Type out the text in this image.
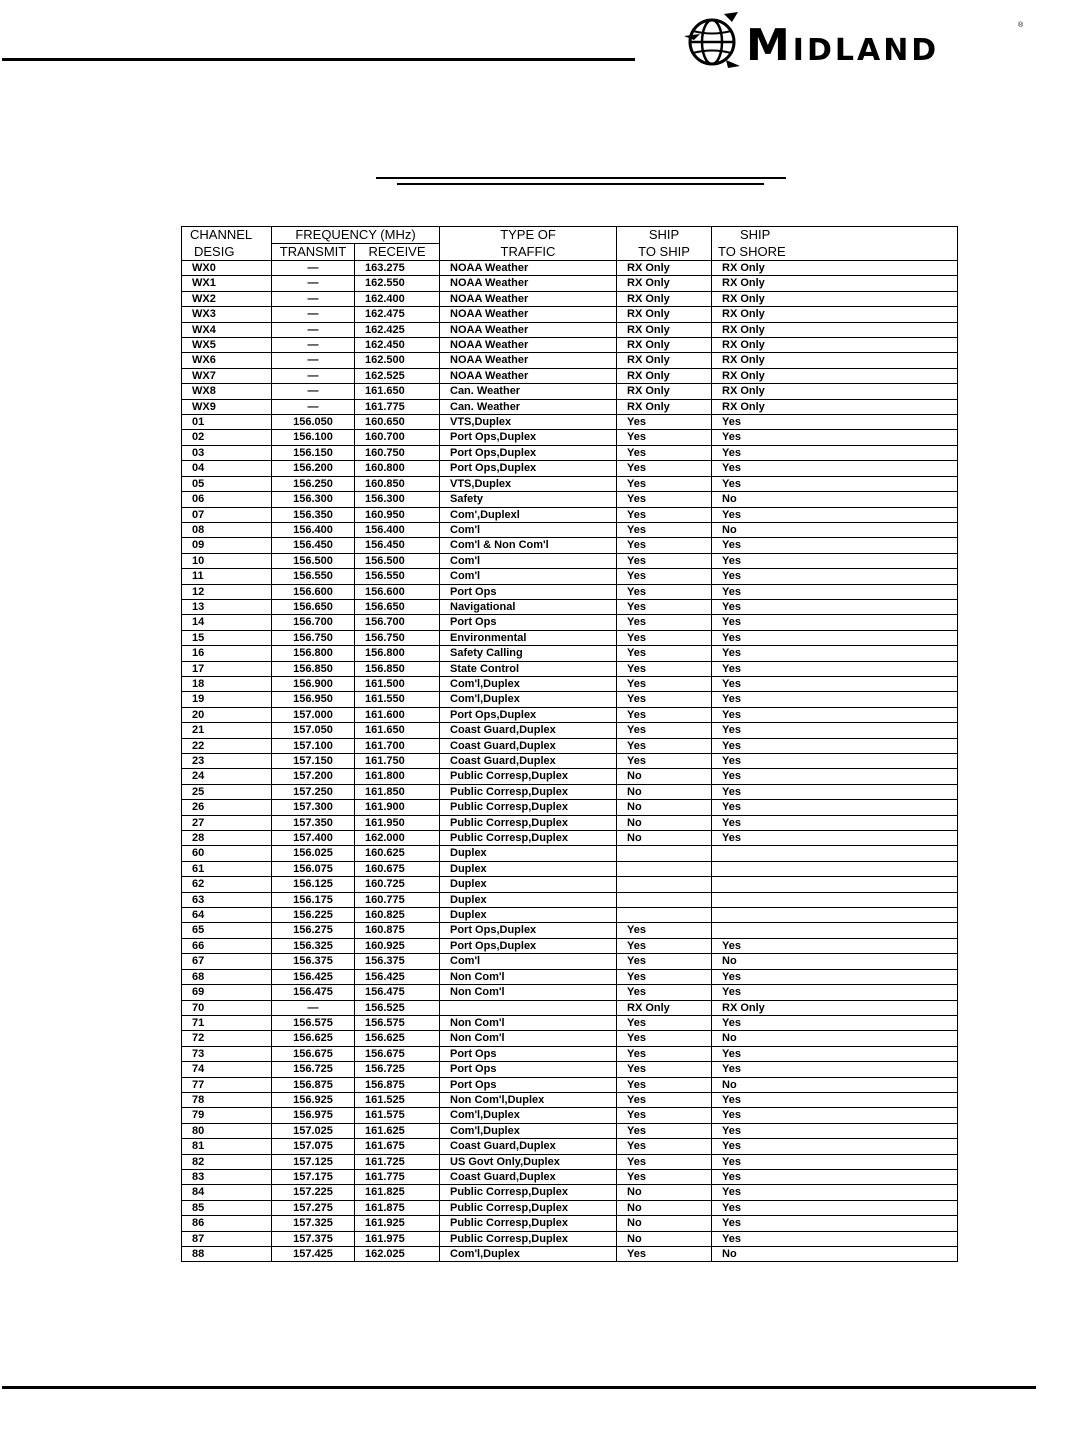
MIDLAND
®
CHANNEL	FREQUENCY (MHz)		TYPE OF	SHIP	SHIP
DESIG	TRANSMIT	RECEIVE	TRAFFIC	TO SHIP	TO SHORE
WX0	—	163.275	NOAA Weather	RX Only	RX Only
WX1	—	162.550	NOAA Weather	RX Only	RX Only
WX2	—	162.400	NOAA Weather	RX Only	RX Only
WX3	—	162.475	NOAA Weather	RX Only	RX Only
WX4	—	162.425	NOAA Weather	RX Only	RX Only
WX5	—	162.450	NOAA Weather	RX Only	RX Only
WX6	—	162.500	NOAA Weather	RX Only	RX Only
WX7	—	162.525	NOAA Weather	RX Only	RX Only
WX8	—	161.650	Can. Weather	RX Only	RX Only
WX9	—	161.775	Can. Weather	RX Only	RX Only
01	156.050	160.650	VTS,Duplex	Yes	Yes
02	156.100	160.700	Port Ops,Duplex	Yes	Yes
03	156.150	160.750	Port Ops,Duplex	Yes	Yes
04	156.200	160.800	Port Ops,Duplex	Yes	Yes
05	156.250	160.850	VTS,Duplex	Yes	Yes
06	156.300	156.300	Safety	Yes	No
07	156.350	160.950	Com',Duplexl	Yes	Yes
08	156.400	156.400	Com'l	Yes	No
09	156.450	156.450	Com'l & Non Com'l	Yes	Yes
10	156.500	156.500	Com'l	Yes	Yes
11	156.550	156.550	Com'l	Yes	Yes
12	156.600	156.600	Port Ops	Yes	Yes
13	156.650	156.650	Navigational	Yes	Yes
14	156.700	156.700	Port Ops	Yes	Yes
15	156.750	156.750	Environmental	Yes	Yes
16	156.800	156.800	Safety Calling	Yes	Yes
17	156.850	156.850	State Control	Yes	Yes
18	156.900	161.500	Com'l,Duplex	Yes	Yes
19	156.950	161.550	Com'l,Duplex	Yes	Yes
20	157.000	161.600	Port Ops,Duplex	Yes	Yes
21	157.050	161.650	Coast Guard,Duplex	Yes	Yes
22	157.100	161.700	Coast Guard,Duplex	Yes	Yes
23	157.150	161.750	Coast Guard,Duplex	Yes	Yes
24	157.200	161.800	Public Corresp,Duplex	No	Yes
25	157.250	161.850	Public Corresp,Duplex	No	Yes
26	157.300	161.900	Public Corresp,Duplex	No	Yes
27	157.350	161.950	Public Corresp,Duplex	No	Yes
28	157.400	162.000	Public Corresp,Duplex	No	Yes
60	156.025	160.625	Duplex		
61	156.075	160.675	Duplex		
62	156.125	160.725	Duplex		
63	156.175	160.775	Duplex		
64	156.225	160.825	Duplex		
65	156.275	160.875	Port Ops,Duplex	Yes	
66	156.325	160.925	Port Ops,Duplex	Yes	Yes
67	156.375	156.375	Com'l	Yes	No
68	156.425	156.425	Non Com'l	Yes	Yes
69	156.475	156.475	Non Com'l	Yes	Yes
70	—	156.525		RX Only	RX Only
71	156.575	156.575	Non Com'l	Yes	Yes
72	156.625	156.625	Non Com'l	Yes	No
73	156.675	156.675	Port Ops	Yes	Yes
74	156.725	156.725	Port Ops	Yes	Yes
77	156.875	156.875	Port Ops	Yes	No
78	156.925	161.525	Non Com'l,Duplex	Yes	Yes
79	156.975	161.575	Com'l,Duplex	Yes	Yes
80	157.025	161.625	Com'l,Duplex	Yes	Yes
81	157.075	161.675	Coast Guard,Duplex	Yes	Yes
82	157.125	161.725	US Govt Only,Duplex	Yes	Yes
83	157.175	161.775	Coast Guard,Duplex	Yes	Yes
84	157.225	161.825	Public Corresp,Duplex	No	Yes
85	157.275	161.875	Public Corresp,Duplex	No	Yes
86	157.325	161.925	Public Corresp,Duplex	No	Yes
87	157.375	161.975	Public Corresp,Duplex	No	Yes
88	157.425	162.025	Com'l,Duplex	Yes	No
